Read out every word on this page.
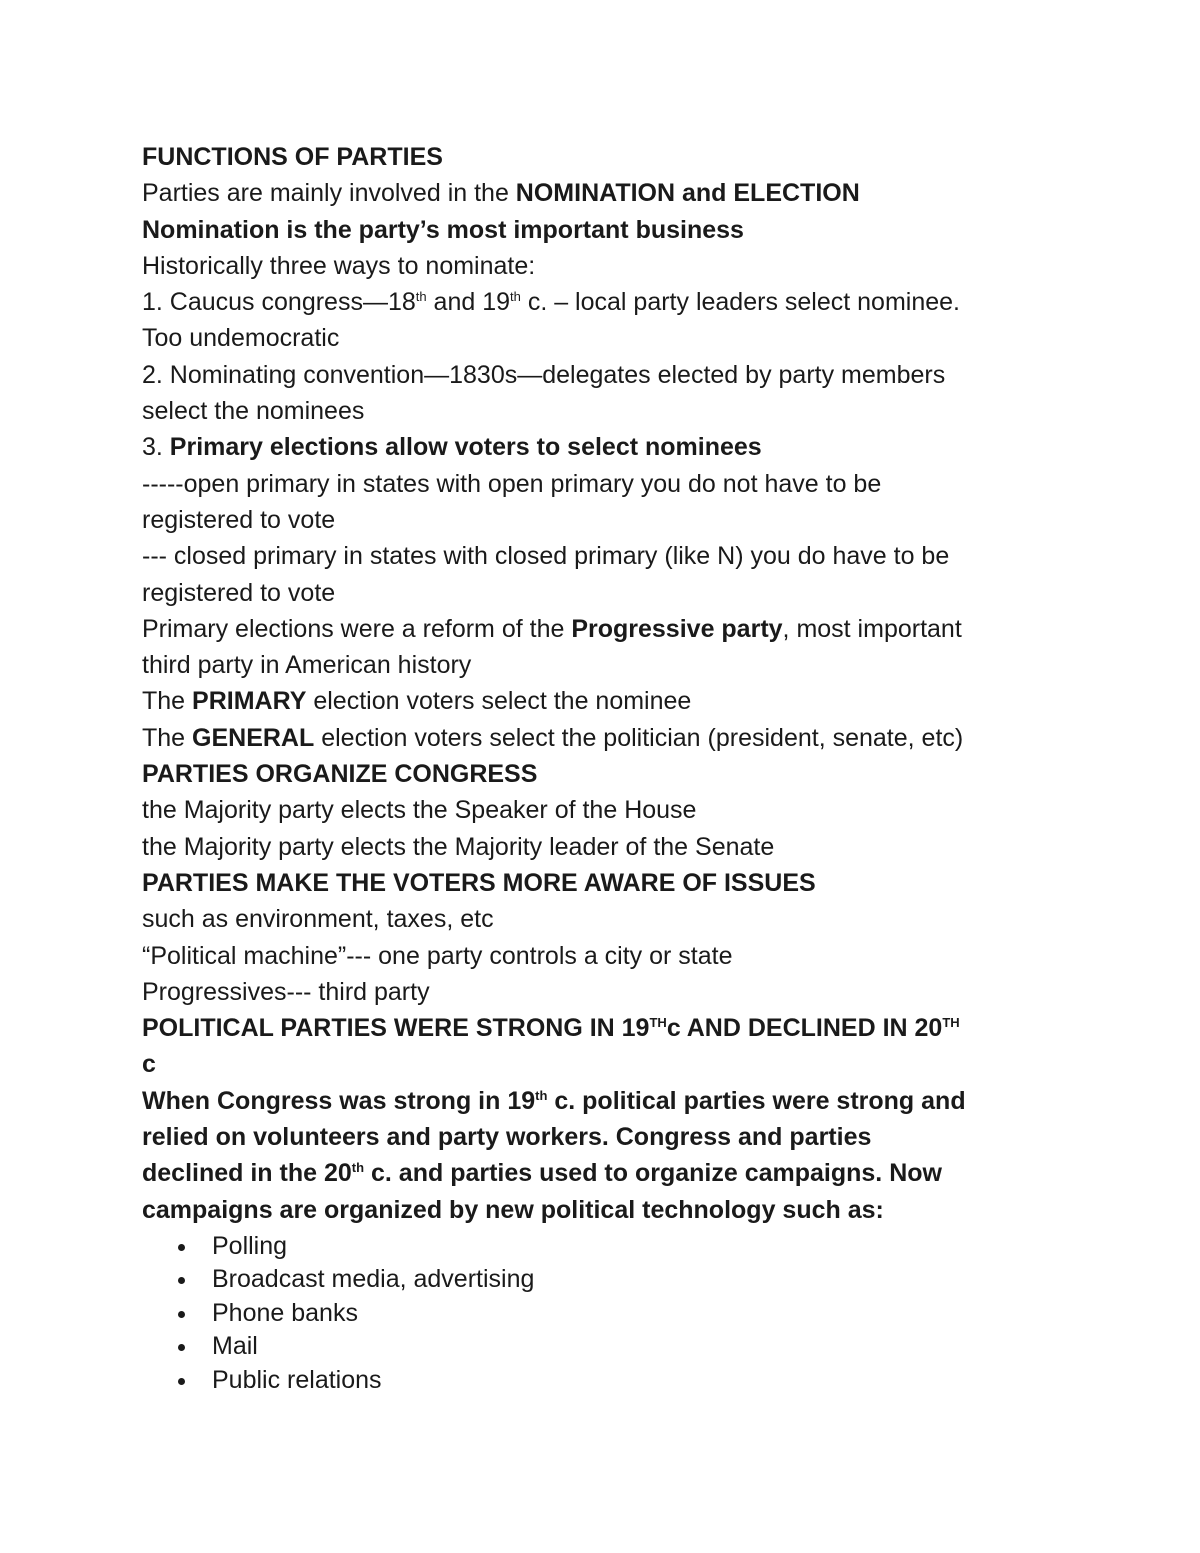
FUNCTIONS OF PARTIES
Parties are mainly involved in the NOMINATION and ELECTION
Nomination is the party’s most important business
Historically three ways to nominate:
1. Caucus congress—18th and 19th c. – local party leaders select nominee.
Too undemocratic
2. Nominating convention—1830s—delegates elected by party members
select the nominees
3. Primary elections allow voters to select nominees
-----open primary in states with open primary you do not have to be
registered to vote
--- closed primary in states with closed primary (like N) you do have to be
registered to vote
Primary elections were a reform of the Progressive party, most important
third party in American history
The PRIMARY election voters select the nominee
The GENERAL election voters select the politician (president, senate, etc)
PARTIES ORGANIZE CONGRESS
the Majority party elects the Speaker of the House
the Majority party elects the Majority leader of the Senate
PARTIES MAKE THE VOTERS MORE AWARE OF ISSUES
such as environment, taxes, etc
“Political machine”--- one party controls a city or state
Progressives--- third party
POLITICAL PARTIES WERE STRONG IN 19THc AND DECLINED IN 20TH
c
When Congress was strong in 19th c. political parties were strong and
relied on volunteers and party workers. Congress and parties
declined in the 20th c. and parties used to organize campaigns. Now
campaigns are organized by new political technology such as:
Polling
Broadcast media, advertising
Phone banks
Mail
Public relations
